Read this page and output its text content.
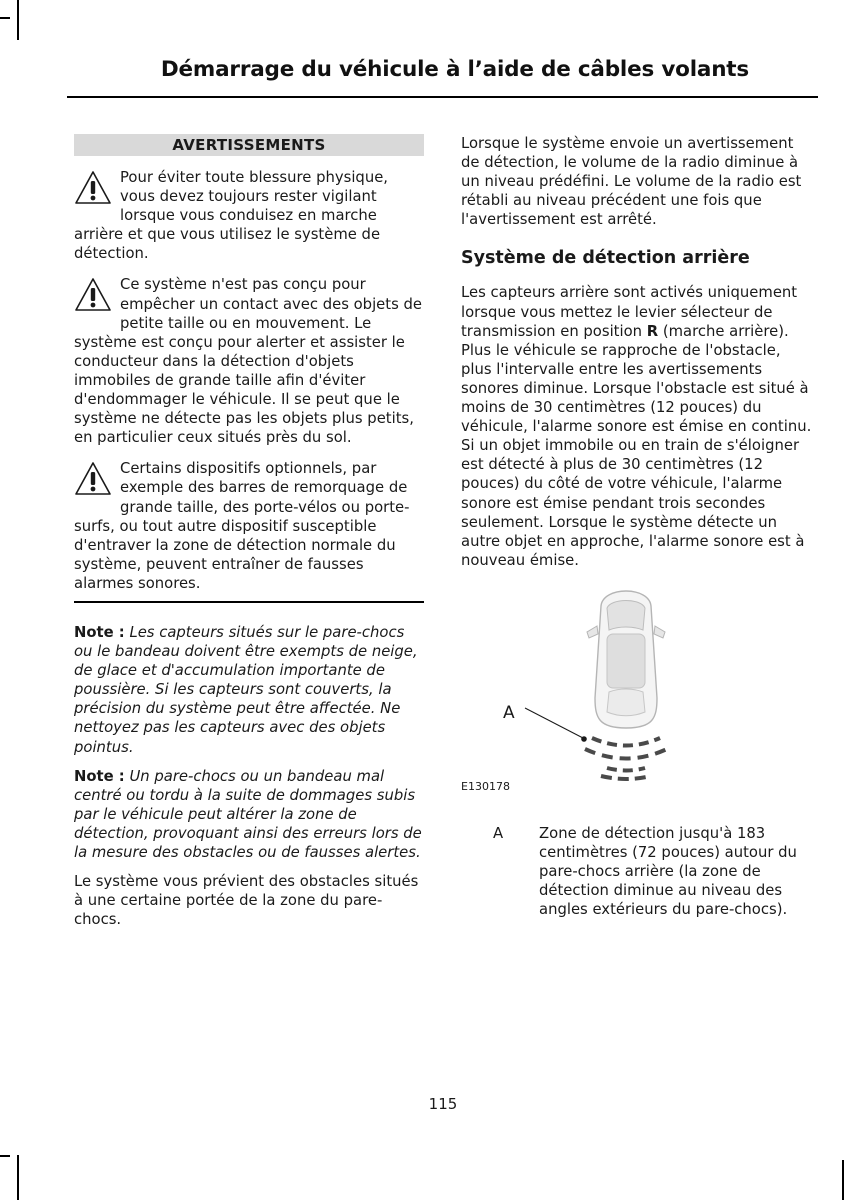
Démarrage du véhicule à l’aide de câbles volants
AVERTISSEMENTS

Pour éviter toute blessure physique, vous devez toujours rester vigilant lorsque vous conduisez en marche arrière et que vous utilisez le système de détection.

Ce système n'est pas conçu pour empêcher un contact avec des objets de petite taille ou en mouvement. Le système est conçu pour alerter et assister le conducteur dans la détection d'objets immobiles de grande taille afin d'éviter d'endommager le véhicule. Il se peut que le système ne détecte pas les objets plus petits, en particulier ceux situés près du sol.

Certains dispositifs optionnels, par exemple des barres de remorquage de grande taille, des porte-vélos ou porte-surfs, ou tout autre dispositif susceptible d'entraver la zone de détection normale du système, peuvent entraîner de fausses alarmes sonores.

Note : Les capteurs situés sur le pare-chocs ou le bandeau doivent être exempts de neige, de glace et d'accumulation importante de poussière. Si les capteurs sont couverts, la précision du système peut être affectée. Ne nettoyez pas les capteurs avec des objets pointus.

Note : Un pare-chocs ou un bandeau mal centré ou tordu à la suite de dommages subis par le véhicule peut altérer la zone de détection, provoquant ainsi des erreurs lors de la mesure des obstacles ou de fausses alertes.

Le système vous prévient des obstacles situés à une certaine portée de la zone du pare-chocs.

Lorsque le système envoie un avertissement de détection, le volume de la radio diminue à un niveau prédéfini. Le volume de la radio est rétabli au niveau précédent une fois que l'avertissement est arrêté.

Système de détection arrière

Les capteurs arrière sont activés uniquement lorsque vous mettez le levier sélecteur de transmission en position R (marche arrière). Plus le véhicule se rapproche de l'obstacle, plus l'intervalle entre les avertissements sonores diminue. Lorsque l'obstacle est situé à moins de 30 centimètres (12 pouces) du véhicule, l'alarme sonore est émise en continu. Si un objet immobile ou en train de s'éloigner est détecté à plus de 30 centimètres (12 pouces) du côté de votre véhicule, l'alarme sonore est émise pendant trois secondes seulement. Lorsque le système détecte un autre objet en approche, l'alarme sonore est à nouveau émise.

A
E130178
A Zone de détection jusqu'à 183 centimètres (72 pouces) autour du pare-chocs arrière (la zone de détection diminue au niveau des angles extérieurs du pare-chocs).

115
